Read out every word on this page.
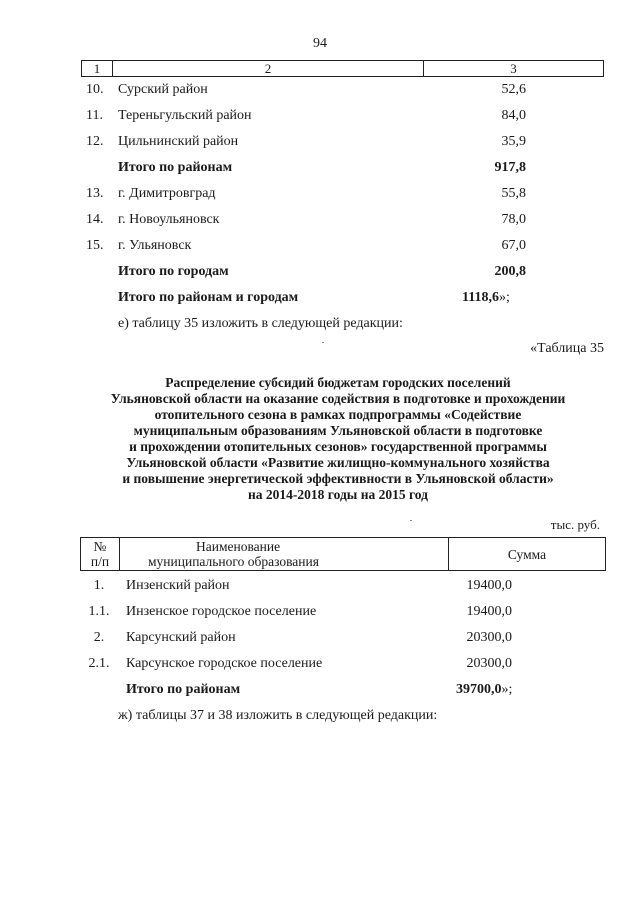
94
1	2	3
10. Сурский район	52,6
11. Тереньгульский район	84,0
12. Цильнинский район	35,9
Итого по районам	917,8
13. г. Димитровград	55,8
14. г. Новоульяновск	78,0
15. г. Ульяновск	67,0
Итого по городам	200,8
Итого по районам и городам	1118,6»;
е) таблицу 35 изложить в следующей редакции:
«Таблица 35
Распределение субсидий бюджетам городских поселений
Ульяновской области на оказание содействия в подготовке и прохождении
отопительного сезона в рамках подпрограммы «Содействие
муниципальным образованиям Ульяновской области в подготовке
и прохождении отопительных сезонов» государственной программы
Ульяновской области «Развитие жилищно-коммунального хозяйства
и повышение энергетической эффективности в Ульяновской области»
на 2014-2018 годы на 2015 год
тыс. руб.
№
п/п

Наименование
муниципального образования	Сумма
1.	Инзенский район	19400,0
1.1.	Инзенское городское поселение	19400,0
2.	Карсунский район	20300,0
2.1.	Карсунское городское поселение	20300,0
Итого по районам	39700,0»;
ж) таблицы 37 и 38 изложить в следующей редакции:
